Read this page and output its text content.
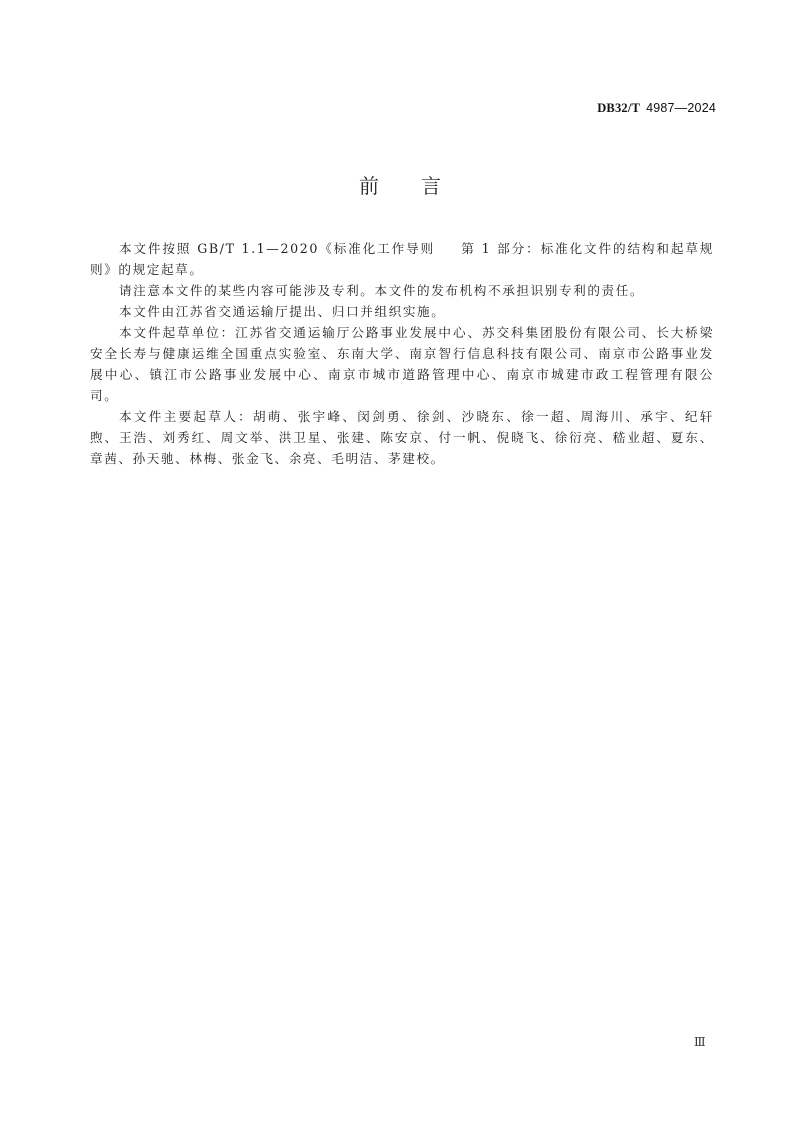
DB32/T 4987—2024
前 言

本文件按照 GB/T 1.1—2020《标准化工作导则 第 1 部分：标准化文件的结构和起草规则》的规定起草。

请注意本文件的某些内容可能涉及专利。本文件的发布机构不承担识别专利的责任。

本文件由江苏省交通运输厅提出、归口并组织实施。

本文件起草单位：江苏省交通运输厅公路事业发展中心、苏交科集团股份有限公司、长大桥梁安全长寿与健康运维全国重点实验室、东南大学、南京智行信息科技有限公司、南京市公路事业发展中心、镇江市公路事业发展中心、南京市城市道路管理中心、南京市城建市政工程管理有限公司。

本文件主要起草人：胡萌、张宇峰、闵剑勇、徐剑、沙晓东、徐一超、周海川、承宇、纪轩煦、王浩、刘秀红、周文举、洪卫星、张建、陈安京、付一帆、倪晓飞、徐衍亮、嵇业超、夏东、章茜、孙天驰、林梅、张金飞、余亮、毛明洁、茅建校。

Ⅲ
